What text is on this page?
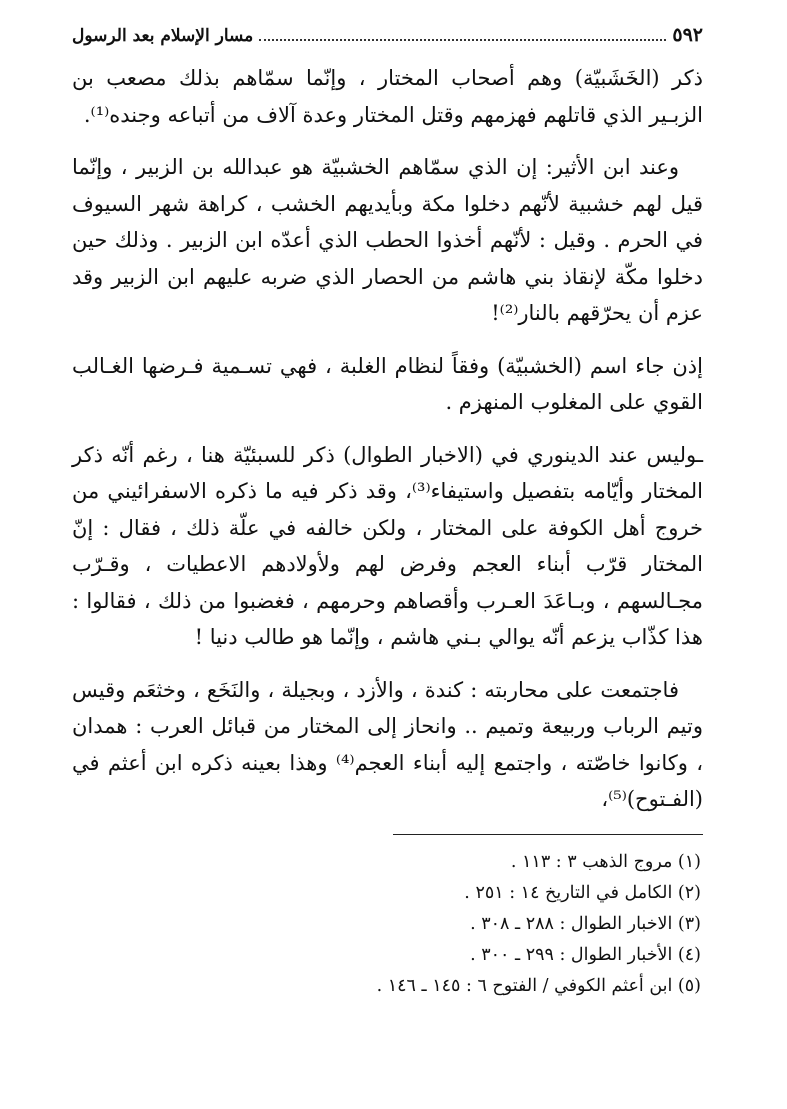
٥٩٢
مسار الإسلام بعد الرسول

ذكر (الخَشَبيّة) وهم أصحاب المختار ، وإنّما سمّاهم بذلك مصعب بن الزبـير الذي قاتلهم فهزمهم وقتل المختار وعدة آلاف من أتباعه وجنده⁽¹⁾.

وعند ابن الأثير: إن الذي سمّاهم الخشبيّة هو عبدالله بن الزبير ، وإنّما قيل لهم خشبية لأنّهم دخلوا مكة وبأيديهم الخشب ، كراهة شهر السيوف في الحرم . وقيل : لأنّهم أخذوا الحطب الذي أعدّه ابن الزبير . وذلك حين دخلوا مكّة لإنقاذ بني هاشم من الحصار الذي ضربه عليهم ابن الزبير وقد عزم أن يحرّقهم بالنار⁽²⁾!

إذن جاء اسم (الخشبيّة) وفقاً لنظام الغلبة ، فهي تسـمية فـرضها الغـالب القوي على المغلوب المنهزم .

ـوليس عند الدينوري في (الاخبار الطوال) ذكر للسبئيّة هنا ، رغم أنّه ذكر المختار وأيّامه بتفصيل واستيفاء⁽³⁾، وقد ذكر فيه ما ذكره الاسفرائيني من خروج أهل الكوفة على المختار ، ولكن خالفه في علّة ذلك ، فقال : إنّ المختار قرّب أبناء العجم وفرض لهم ولأولادهم الاعطيات ، وقـرّب مجـالسهم ، وبـاعَدَ العـرب وأقصاهم وحرمهم ، فغضبوا من ذلك ، فقالوا : هذا كذّاب يزعم أنّه يوالي بـني هاشم ، وإنّما هو طالب دنيا !

فاجتمعت على محاربته : كندة ، والأزد ، وبجيلة ، والنَخَع ، وخثعَم وقيس وتيم الرباب وربيعة وتميم .. وانحاز إلى المختار من قبائل العرب : همدان ، وكانوا خاصّته ، واجتمع إليه أبناء العجم⁽⁴⁾ وهذا بعينه ذكره ابن أعثم في (الفـتوح)⁽⁵⁾،

(١) مروج الذهب ٣ : ١١٣ .

(٢) الكامل في التاريخ ١٤ : ٢٥١ .

(٣) الاخبار الطوال : ٢٨٨ ـ ٣٠٨ .

(٤) الأخبار الطوال : ٢٩٩ ـ ٣٠٠ .

(٥) ابن أعثم الكوفي / الفتوح ٦ : ١٤٥ ـ ١٤٦ .
